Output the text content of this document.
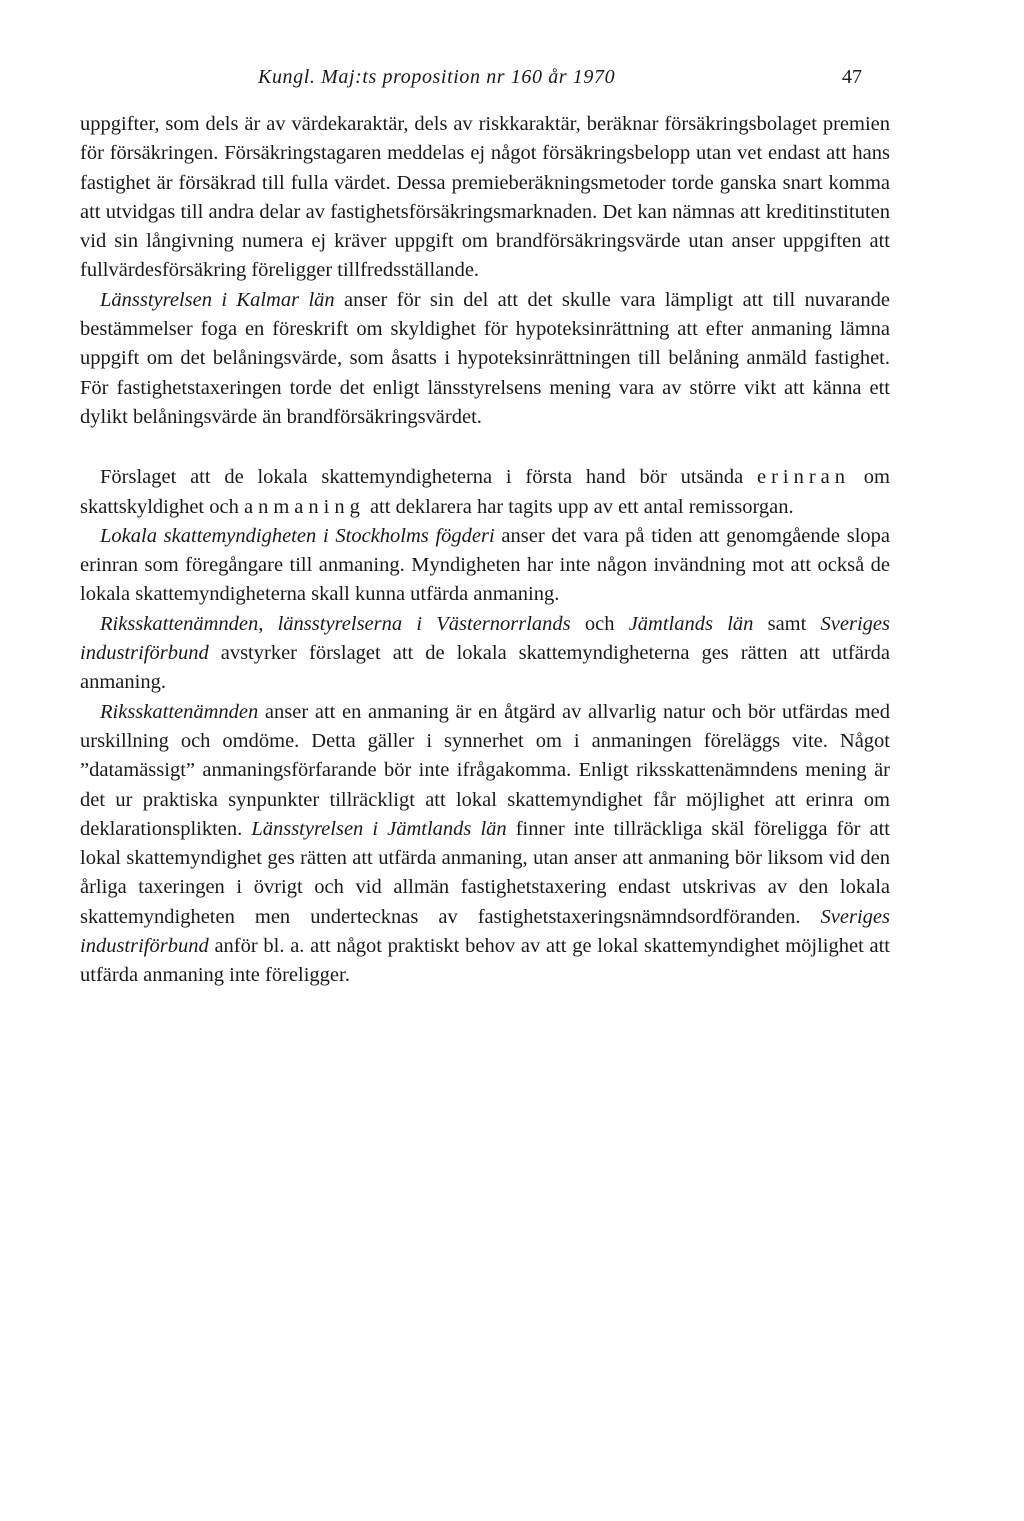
Kungl. Maj:ts proposition nr 160 år 1970	47

uppgifter, som dels är av värdekaraktär, dels av riskkaraktär, beräknar försäkringsbolaget premien för försäkringen. Försäkringstagaren meddelas ej något försäkringsbelopp utan vet endast att hans fastighet är försäkrad till fulla värdet. Dessa premieberäkningsmetoder torde ganska snart komma att utvidgas till andra delar av fastighetsförsäkringsmarknaden. Det kan nämnas att kreditinstituten vid sin långivning numera ej kräver uppgift om brandförsäkringsvärde utan anser uppgiften att fullvärdesförsäkring föreligger tillfredsställande.

Länsstyrelsen i Kalmar län anser för sin del att det skulle vara lämpligt att till nuvarande bestämmelser foga en föreskrift om skyldighet för hypoteksinrättning att efter anmaning lämna uppgift om det belåningsvärde, som åsatts i hypoteksinrättningen till belåning anmäld fastighet. För fastighetstaxeringen torde det enligt länsstyrelsens mening vara av större vikt att känna ett dylikt belåningsvärde än brandförsäkringsvärdet.

Förslaget att de lokala skattemyndigheterna i första hand bör utsända erinran om skattskyldighet och anmaning att deklarera har tagits upp av ett antal remissorgan.

Lokala skattemyndigheten i Stockholms fögderi anser det vara på tiden att genomgående slopa erinran som föregångare till anmaning. Myndigheten har inte någon invändning mot att också de lokala skattemyndigheterna skall kunna utfärda anmaning.

Riksskattenämnden, länsstyrelserna i Västernorrlands och Jämtlands län samt Sveriges industriförbund avstyrker förslaget att de lokala skattemyndigheterna ges rätten att utfärda anmaning.

Riksskattenämnden anser att en anmaning är en åtgärd av allvarlig natur och bör utfärdas med urskillning och omdöme. Detta gäller i synnerhet om i anmaningen föreläggs vite. Något ”datamässigt” anmaningsförfarande bör inte ifrågakomma. Enligt riksskattenämndens mening är det ur praktiska synpunkter tillräckligt att lokal skattemyndighet får möjlighet att erinra om deklarationsplikten. Länsstyrelsen i Jämtlands län finner inte tillräckliga skäl föreligga för att lokal skattemyndighet ges rätten att utfärda anmaning, utan anser att anmaning bör liksom vid den årliga taxeringen i övrigt och vid allmän fastighetstaxering endast utskrivas av den lokala skattemyndigheten men undertecknas av fastighetstaxeringsnämndsordföranden. Sveriges industriförbund anför bl. a. att något praktiskt behov av att ge lokal skattemyndighet möjlighet att utfärda anmaning inte föreligger.
